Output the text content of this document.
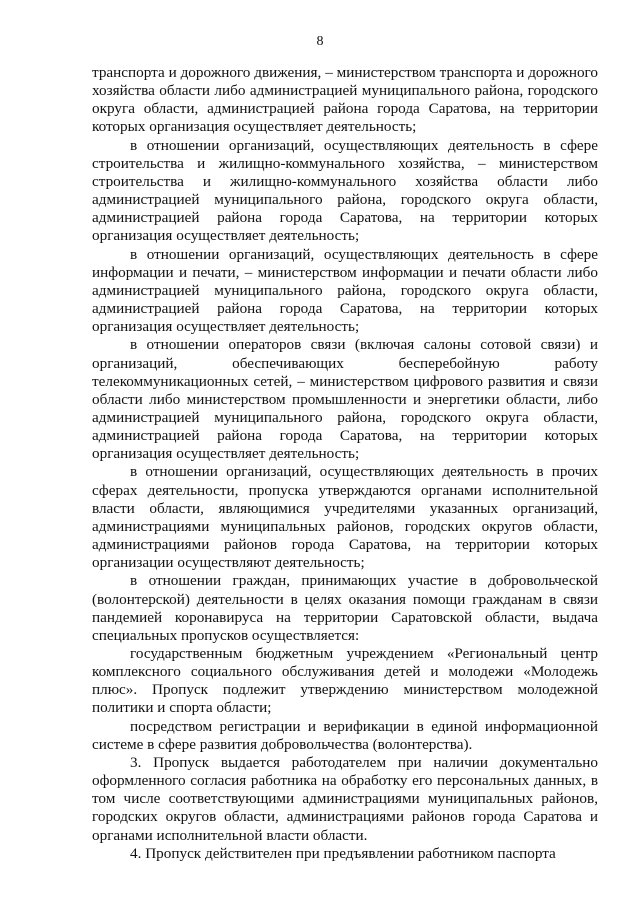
8

транспорта и дорожного движения, – министерством транспорта и дорожного хозяйства области либо администрацией муниципального района, городского округа области, администрацией района города Саратова, на территории которых организация осуществляет деятельность;

в отношении организаций, осуществляющих деятельность в сфере строительства и жилищно-коммунального хозяйства, – министерством строительства и жилищно-коммунального хозяйства области либо администрацией муниципального района, городского округа области, администрацией района города Саратова, на территории которых организация осуществляет деятельность;

в отношении организаций, осуществляющих деятельность в сфере информации и печати, – министерством информации и печати области либо администрацией муниципального района, городского округа области, администрацией района города Саратова, на территории которых организация осуществляет деятельность;

в отношении операторов связи (включая салоны сотовой связи) и организаций, обеспечивающих бесперебойную работу телекоммуникационных сетей, – министерством цифрового развития и связи области либо министерством промышленности и энергетики области, либо администрацией муниципального района, городского округа области, администрацией района города Саратова, на территории которых организация осуществляет деятельность;

в отношении организаций, осуществляющих деятельность в прочих сферах деятельности, пропуска утверждаются органами исполнительной власти области, являющимися учредителями указанных организаций, администрациями муниципальных районов, городских округов области, администрациями районов города Саратова, на территории которых организации осуществляют деятельность;

в отношении граждан, принимающих участие в добровольческой (волонтерской) деятельности в целях оказания помощи гражданам в связи пандемией коронавируса на территории Саратовской области, выдача специальных пропусков осуществляется:

государственным бюджетным учреждением «Региональный центр комплексного социального обслуживания детей и молодежи «Молодежь плюс». Пропуск подлежит утверждению министерством молодежной политики и спорта области;

посредством регистрации и верификации в единой информационной системе в сфере развития добровольчества (волонтерства).

3. Пропуск выдается работодателем при наличии документально оформленного согласия работника на обработку его персональных данных, в том числе соответствующими администрациями муниципальных районов, городских округов области, администрациями районов города Саратова и органами исполнительной власти области.

4. Пропуск действителен при предъявлении работником паспорта
